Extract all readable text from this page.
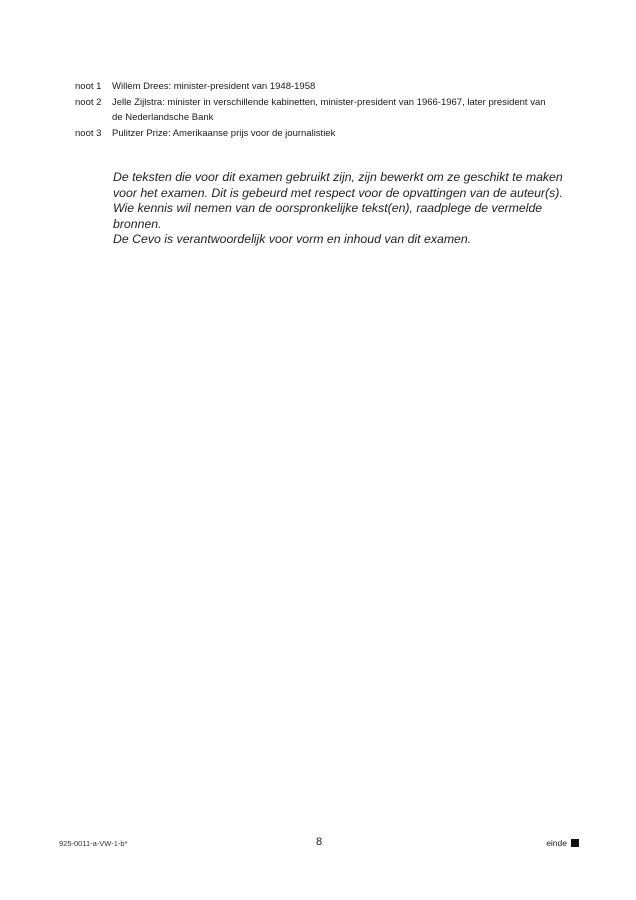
noot 1	Willem Drees: minister-president van 1948-1958
noot 2	Jelle Zijlstra: minister in verschillende kabinetten, minister-president van 1966-1967, later president van de Nederlandsche Bank
noot 3	Pulitzer Prize: Amerikaanse prijs voor de journalistiek

De teksten die voor dit examen gebruikt zijn, zijn bewerkt om ze geschikt te maken voor het examen. Dit is gebeurd met respect voor de opvattingen van de auteur(s). Wie kennis wil nemen van de oorspronkelijke tekst(en), raadplege de vermelde bronnen.

De Cevo is verantwoordelijk voor vorm en inhoud van dit examen.

925-0011-a-VW-1-b*	8	einde
